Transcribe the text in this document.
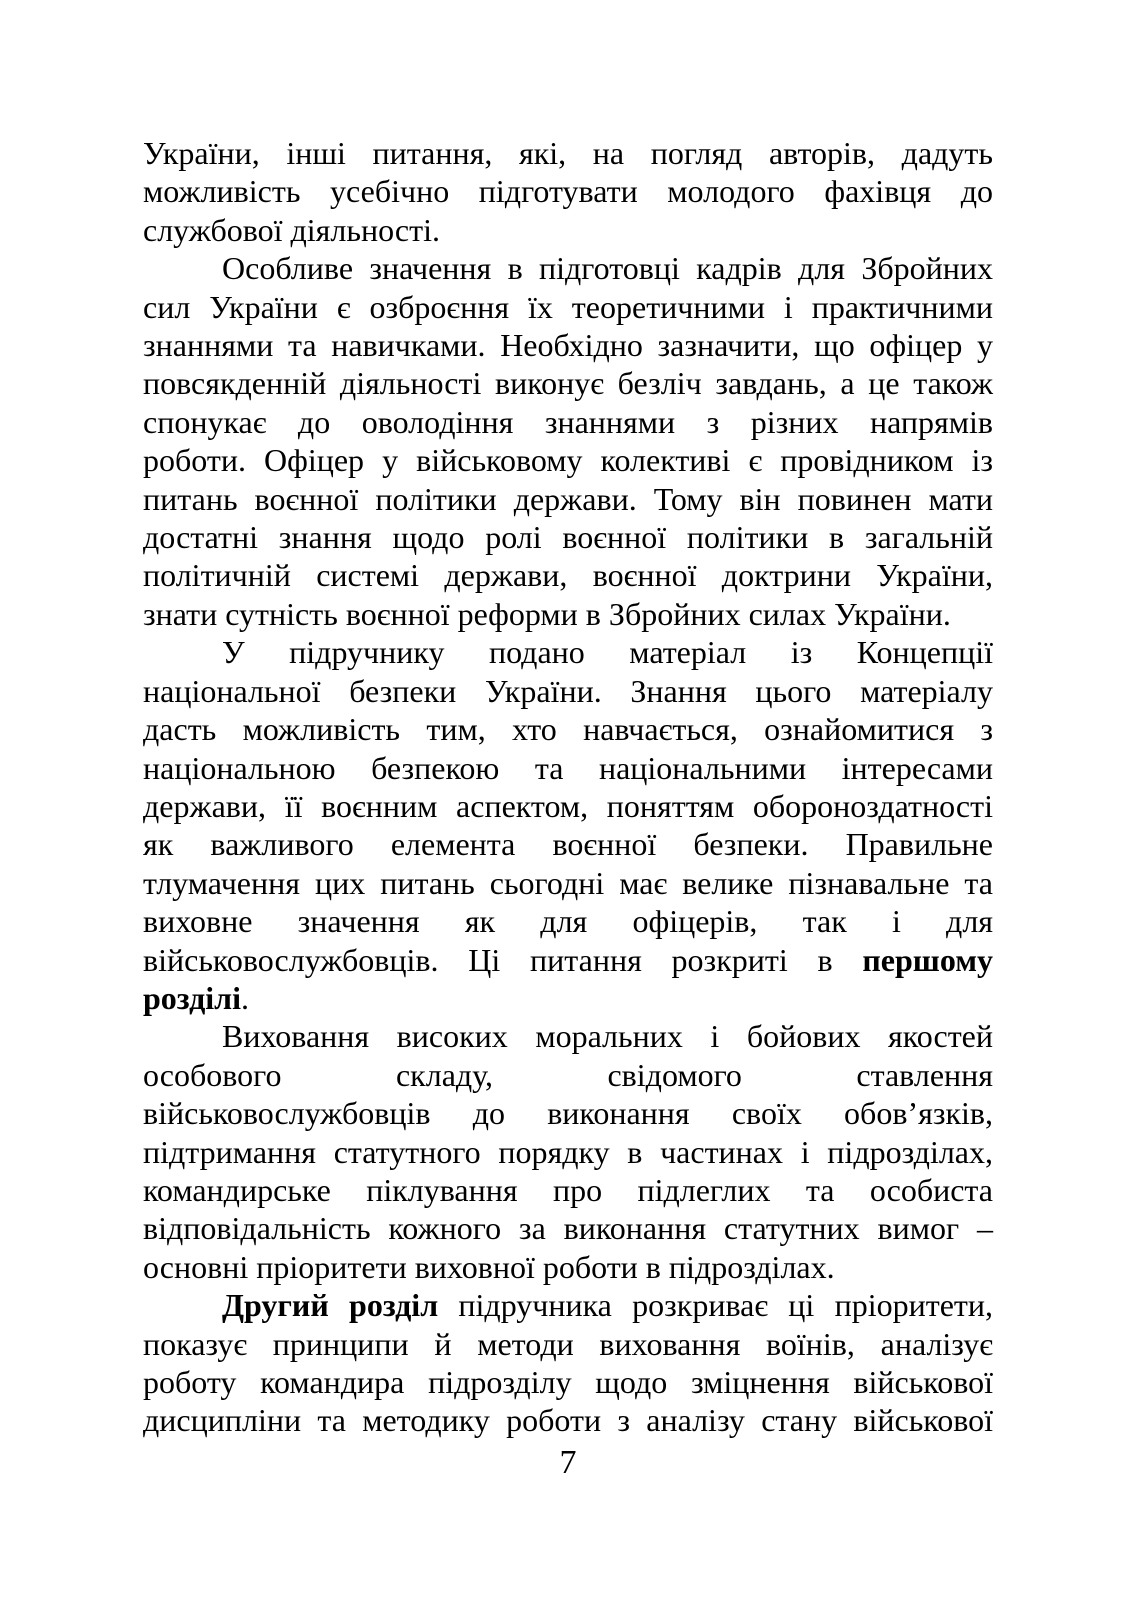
України, інші питання, які, на погляд авторів, дадуть
можливість усебічно підготувати молодого фахівця до
службової діяльності.
Особливе значення в підготовці кадрів для Збройних
сил України є озброєння їх теоретичними і практичними
знаннями та навичками. Необхідно зазначити, що офіцер у
повсякденній діяльності виконує безліч завдань, а це також
спонукає до оволодіння знаннями з різних напрямів
роботи. Офіцер у військовому колективі є провідником із
питань воєнної політики держави. Тому він повинен мати
достатні знання щодо ролі воєнної політики в загальній
політичній системі держави, воєнної доктрини України,
знати сутність воєнної реформи в Збройних силах України.
У підручнику подано матеріал із Концепції
національної безпеки України. Знання цього матеріалу
дасть можливість тим, хто навчається, ознайомитися з
національною безпекою та національними інтересами
держави, її воєнним аспектом, поняттям обороноздатності
як важливого елемента воєнної безпеки. Правильне
тлумачення цих питань сьогодні має велике пізнавальне та
виховне значення як для офіцерів, так і для
військовослужбовців. Ці питання розкриті в першому
розділі.
Виховання високих моральних і бойових якостей
особового складу, свідомого ставлення
військовослужбовців до виконання своїх обов’язків,
підтримання статутного порядку в частинах і підрозділах,
командирське піклування про підлеглих та особиста
відповідальність кожного за виконання статутних вимог –
основні пріоритети виховної роботи в підрозділах.
Другий розділ підручника розкриває ці пріоритети,
показує принципи й методи виховання воїнів, аналізує
роботу командира підрозділу щодо зміцнення військової
дисципліни та методику роботи з аналізу стану військової
7
